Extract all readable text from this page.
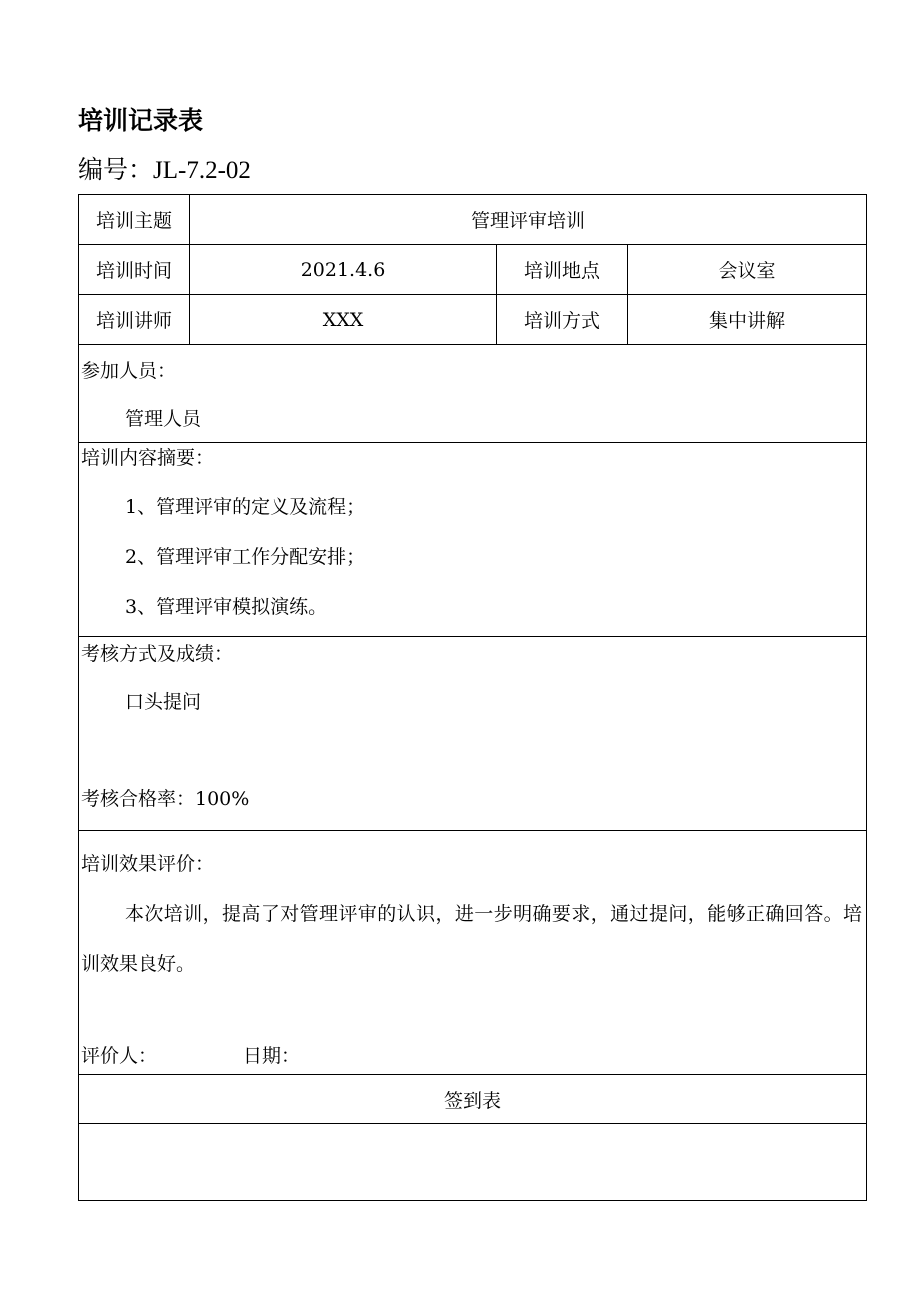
培训记录表
编号：JL-7.2-02
培训主题	管理评审培训		
培训时间	2021.4.6	培训地点	会议室
培训讲师	XXX	培训方式	集中讲解

参加人员：
管理人员			

培训内容摘要：
1、管理评审的定义及流程；
2、管理评审工作分配安排；
3、管理评审模拟演练。			

考核方式及成绩：
口头提问
考核合格率：100%			

培训效果评价：
本次培训，提高了对管理评审的认识，进一步明确要求，通过提问，能够正确回答。培训效果良好。
评价人： 日期：			

签到表			
